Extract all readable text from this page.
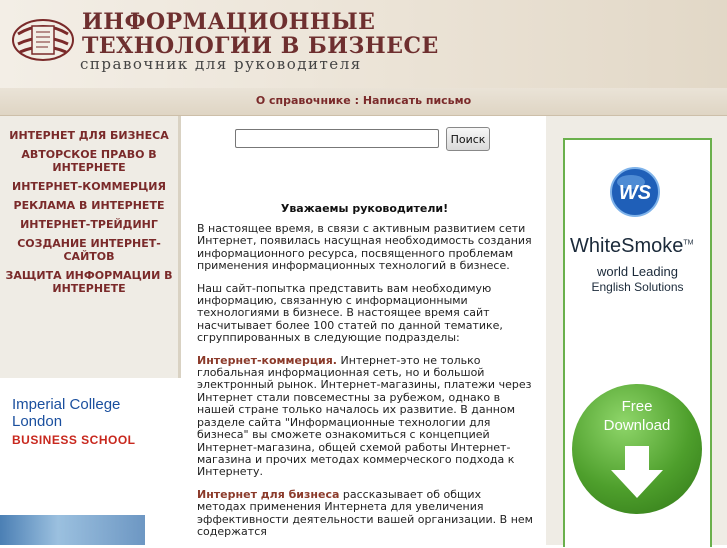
ИНФОРМАЦИОННЫЕ
ТЕХНОЛОГИИ В БИЗНЕСЕ
справочник для руководителя
О справочнике : Написать письмо
ИНТЕРНЕТ ДЛЯ БИЗНЕСА
АВТОРСКОЕ ПРАВО В ИНТЕРНЕТЕ
ИНТЕРНЕТ-КОММЕРЦИЯ
РЕКЛАМА В ИНТЕРНЕТЕ
ИНТЕРНЕТ-ТРЕЙДИНГ
СОЗДАНИЕ ИНТЕРНЕТ-САЙТОВ
ЗАЩИТА ИНФОРМАЦИИ В ИНТЕРНЕТЕ
Imperial College
London
BUSINESS SCHOOL
Поиск
Уважаемы руководители!

В настоящее время, в связи с активным развитием сети Интернет, появилась насущная необходимость создания информационного ресурса, посвященного проблемам применения информационных технологий в бизнесе.

Наш сайт-попытка представить вам необходимую информацию, связанную с информационными технологиями в бизнесе. В настоящее время сайт насчитывает более 100 статей по данной тематике, сгруппированных в следующие подразделы:

Интернет-коммерция. Интернет-это не только глобальная информационная сеть, но и большой электронный рынок. Интернет-магазины, платежи через Интернет стали повсеместны за рубежом, однако в нашей стране только началось их развитие. В данном разделе сайта "Информационные технологии для бизнеса" вы сможете ознакомиться с концепцией Интернет-магазина, общей схемой работы Интернет-магазина и прочих методах коммерческого подхода к Интернету.

Интернет для бизнеса рассказывает об общих методах применения Интернета для увеличения эффективности деятельности вашей организации. В нем содержатся

WS
WhiteSmoke™
world Leading
English Solutions
Free
Download
